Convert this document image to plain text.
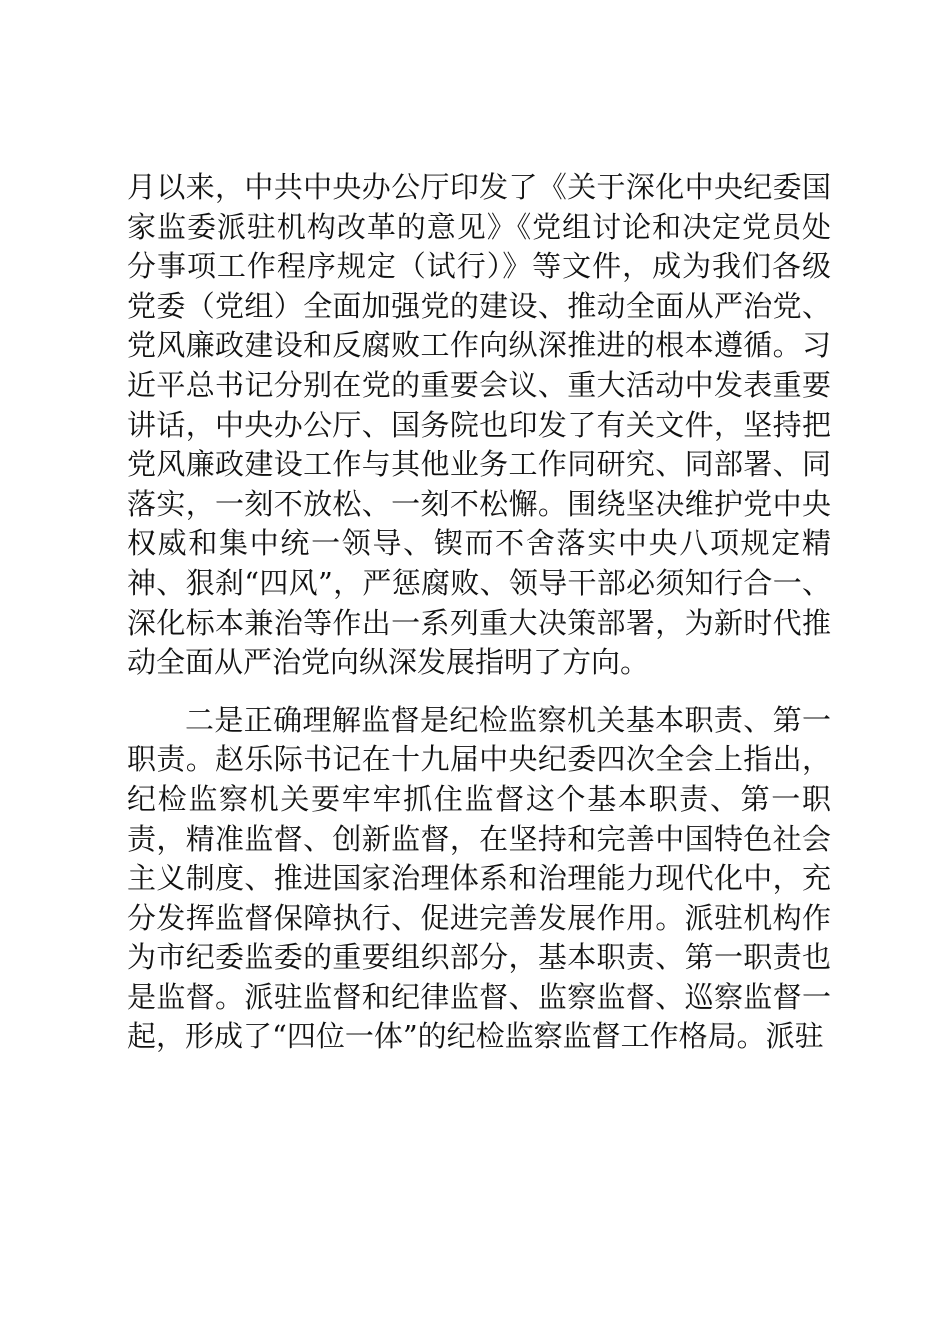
月以来，中共中央办公厅印发了《关于深化中央纪委国家监委派驻机构改革的意见》《党组讨论和决定党员处分事项工作程序规定（试行）》等文件，成为我们各级党委（党组）全面加强党的建设、推动全面从严治党、党风廉政建设和反腐败工作向纵深推进的根本遵循。习近平总书记分别在党的重要会议、重大活动中发表重要讲话，中央办公厅、国务院也印发了有关文件，坚持把党风廉政建设工作与其他业务工作同研究、同部署、同落实，一刻不放松、一刻不松懈。围绕坚决维护党中央权威和集中统一领导、锲而不舍落实中央八项规定精神、狠刹“四风”，严惩腐败、领导干部必须知行合一、深化标本兼治等作出一系列重大决策部署，为新时代推动全面从严治党向纵深发展指明了方向。

二是正确理解监督是纪检监察机关基本职责、第一职责。赵乐际书记在十九届中央纪委四次全会上指出，纪检监察机关要牢牢抓住监督这个基本职责、第一职责，精准监督、创新监督，在坚持和完善中国特色社会主义制度、推进国家治理体系和治理能力现代化中，充分发挥监督保障执行、促进完善发展作用。派驻机构作为市纪委监委的重要组织部分，基本职责、第一职责也是监督。派驻监督和纪律监督、监察监督、巡察监督一起，形成了“四位一体”的纪检监察监督工作格局。派驻
